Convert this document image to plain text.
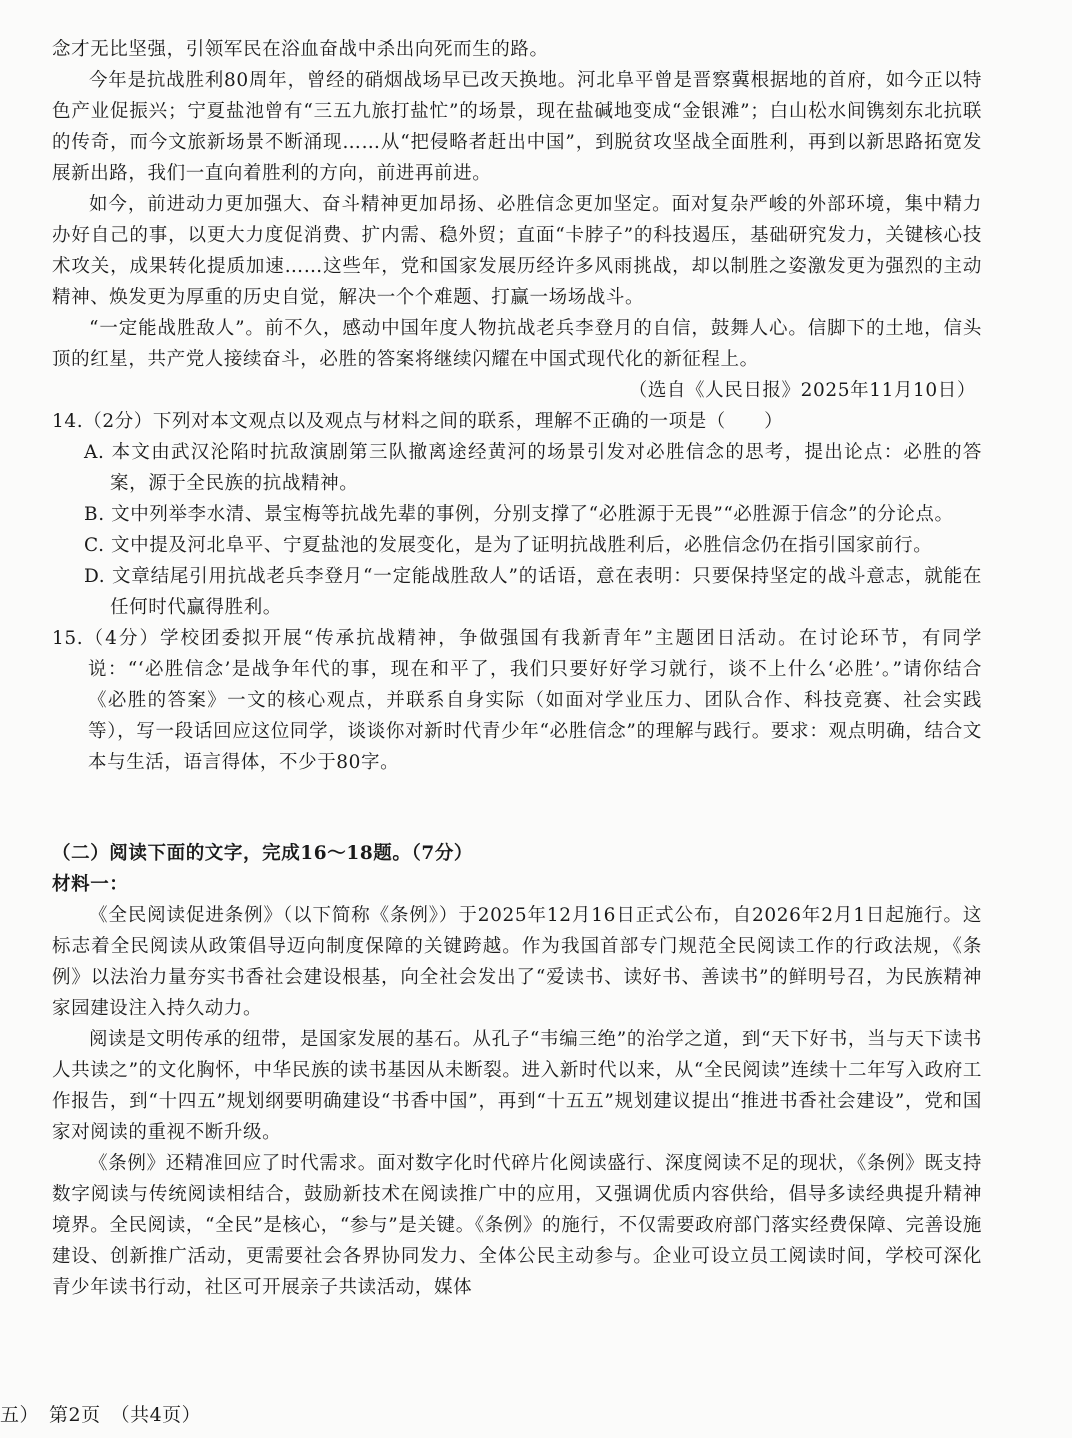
念才无比坚强，引领军民在浴血奋战中杀出向死而生的路。

今年是抗战胜利80周年，曾经的硝烟战场早已改天换地。河北阜平曾是晋察冀根据地的首府，如今正以特色产业促振兴；宁夏盐池曾有“三五九旅打盐忙”的场景，现在盐碱地变成“金银滩”；白山松水间镌刻东北抗联的传奇，而今文旅新场景不断涌现……从“把侵略者赶出中国”，到脱贫攻坚战全面胜利，再到以新思路拓宽发展新出路，我们一直向着胜利的方向，前进再前进。

如今，前进动力更加强大、奋斗精神更加昂扬、必胜信念更加坚定。面对复杂严峻的外部环境，集中精力办好自己的事，以更大力度促消费、扩内需、稳外贸；直面“卡脖子”的科技遏压，基础研究发力，关键核心技术攻关，成果转化提质加速……这些年，党和国家发展历经许多风雨挑战，却以制胜之姿激发更为强烈的主动精神、焕发更为厚重的历史自觉，解决一个个难题、打赢一场场战斗。

“一定能战胜敌人”。前不久，感动中国年度人物抗战老兵李登月的自信，鼓舞人心。信脚下的土地，信头顶的红星，共产党人接续奋斗，必胜的答案将继续闪耀在中国式现代化的新征程上。

（选自《人民日报》2025年11月10日）

14.（2分）下列对本文观点以及观点与材料之间的联系，理解不正确的一项是（　　）

A. 本文由武汉沦陷时抗敌演剧第三队撤离途经黄河的场景引发对必胜信念的思考，提出论点：必胜的答案，源于全民族的抗战精神。

B. 文中列举李水清、景宝梅等抗战先辈的事例，分别支撑了“必胜源于无畏”“必胜源于信念”的分论点。

C. 文中提及河北阜平、宁夏盐池的发展变化，是为了证明抗战胜利后，必胜信念仍在指引国家前行。

D. 文章结尾引用抗战老兵李登月“一定能战胜敌人”的话语，意在表明：只要保持坚定的战斗意志，就能在任何时代赢得胜利。

15.（4分）学校团委拟开展“传承抗战精神，争做强国有我新青年”主题团日活动。在讨论环节，有同学说：“‘必胜信念’是战争年代的事，现在和平了，我们只要好好学习就行，谈不上什么‘必胜’。”请你结合《必胜的答案》一文的核心观点，并联系自身实际（如面对学业压力、团队合作、科技竞赛、社会实践等），写一段话回应这位同学，谈谈你对新时代青少年“必胜信念”的理解与践行。要求：观点明确，结合文本与生活，语言得体，不少于80字。

（二）阅读下面的文字，完成16～18题。（7分）

材料一：

《全民阅读促进条例》（以下简称《条例》）于2025年12月16日正式公布，自2026年2月1日起施行。这标志着全民阅读从政策倡导迈向制度保障的关键跨越。作为我国首部专门规范全民阅读工作的行政法规，《条例》以法治力量夯实书香社会建设根基，向全社会发出了“爱读书、读好书、善读书”的鲜明号召，为民族精神家园建设注入持久动力。

阅读是文明传承的纽带，是国家发展的基石。从孔子“韦编三绝”的治学之道，到“天下好书，当与天下读书人共读之”的文化胸怀，中华民族的读书基因从未断裂。进入新时代以来，从“全民阅读”连续十二年写入政府工作报告，到“十四五”规划纲要明确建设“书香中国”，再到“十五五”规划建议提出“推进书香社会建设”，党和国家对阅读的重视不断升级。

《条例》还精准回应了时代需求。面对数字化时代碎片化阅读盛行、深度阅读不足的现状，《条例》既支持数字阅读与传统阅读相结合，鼓励新技术在阅读推广中的应用，又强调优质内容供给，倡导多读经典提升精神境界。全民阅读，“全民”是核心，“参与”是关键。《条例》的施行，不仅需要政府部门落实经费保障、完善设施建设、创新推广活动，更需要社会各界协同发力、全体公民主动参与。企业可设立员工阅读时间，学校可深化青少年读书行动，社区可开展亲子共读活动，媒体

五）　第2页　（共4页）
